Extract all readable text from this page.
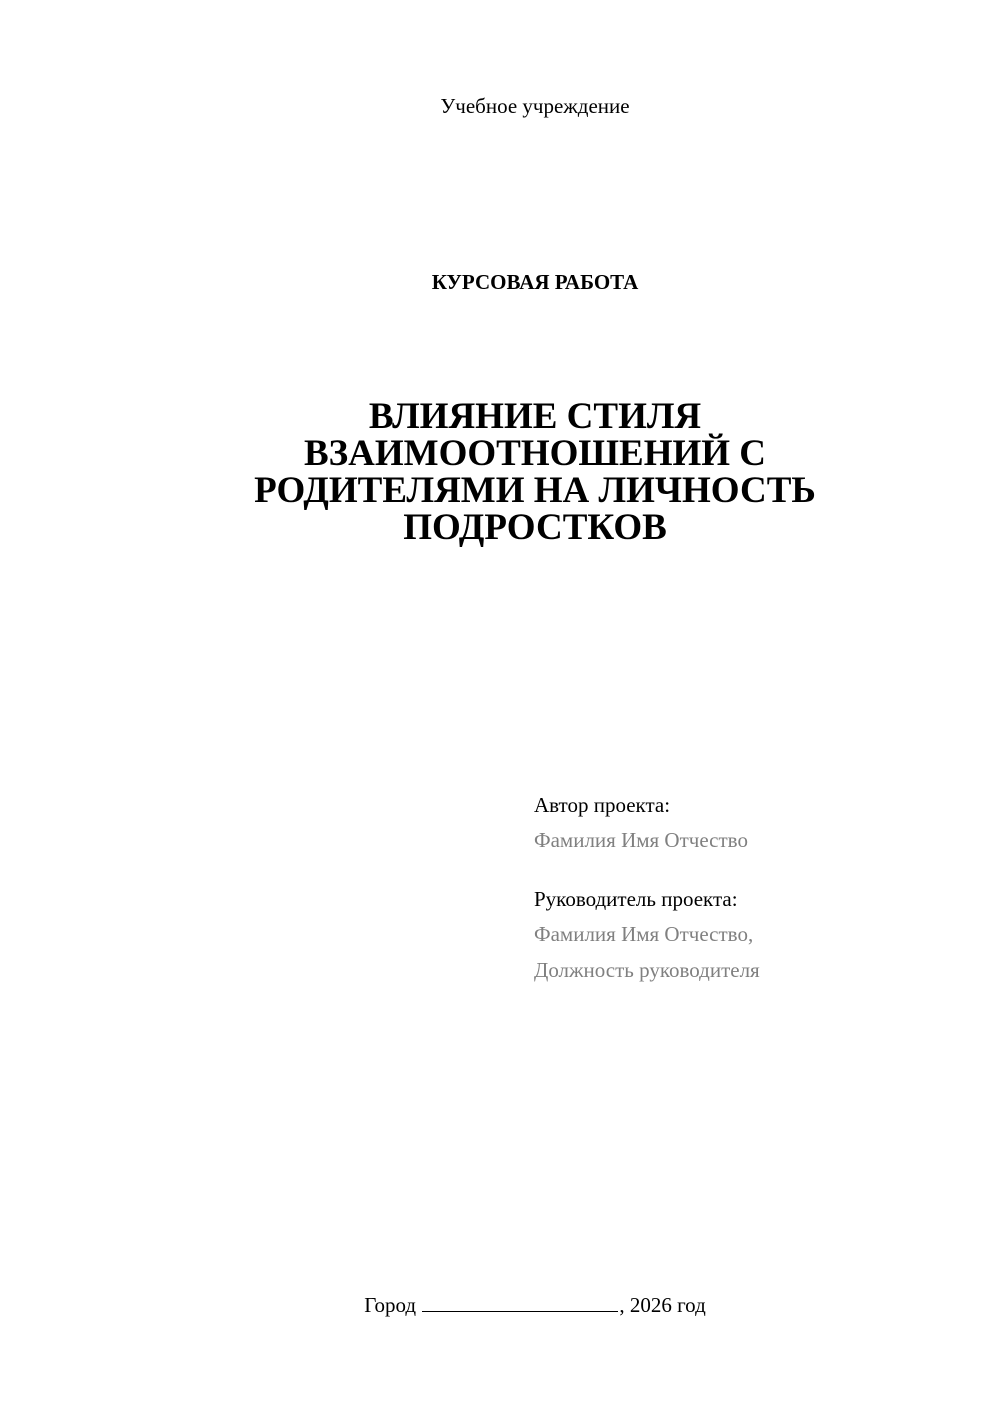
Учебное учреждение
КУРСОВАЯ РАБОТА
ВЛИЯНИЕ СТИЛЯ
ВЗАИМООТНОШЕНИЙ С
РОДИТЕЛЯМИ НА ЛИЧНОСТЬ
ПОДРОСТКОВ
Автор проекта:
Фамилия Имя Отчество
Руководитель проекта:
Фамилия Имя Отчество,
Должность руководителя
Город	, 2026 год
